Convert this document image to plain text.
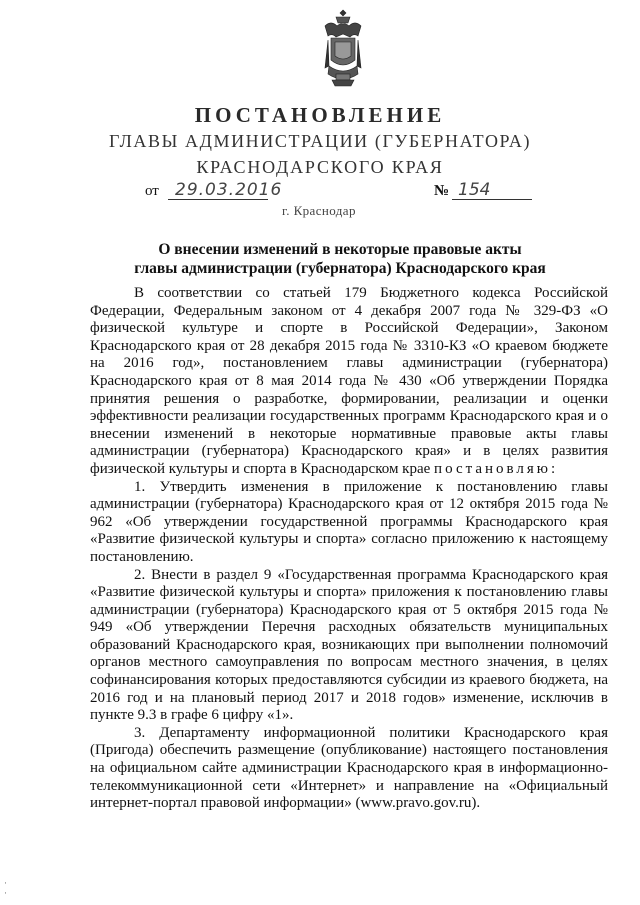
ПОСТАНОВЛЕНИЕ
ГЛАВЫ АДМИНИСТРАЦИИ (ГУБЕРНАТОРА)
КРАСНОДАРСКОГО КРАЯ
от 29.03.2016	№ 154
г. Краснодар
О внесении изменений в некоторые правовые акты
главы администрации (губернатора) Краснодарского края

В соответствии со статьей 179 Бюджетного кодекса Российской Федерации, Федеральным законом от 4 декабря 2007 года № 329-ФЗ «О физической культуре и спорте в Российской Федерации», Законом Краснодарского края от 28 декабря 2015 года № 3310-КЗ «О краевом бюджете на 2016 год», постановлением главы администрации (губернатора) Краснодарского края от 8 мая 2014 года № 430 «Об утверждении Порядка принятия решения о разработке, формировании, реализации и оценки эффективности реализации государственных программ Краснодарского края и о внесении изменений в некоторые нормативные правовые акты главы администрации (губернатора) Краснодарского края» и в целях развития физической культуры и спорта в Краснодарском крае постановляю:

1. Утвердить изменения в приложение к постановлению главы администрации (губернатора) Краснодарского края от 12 октября 2015 года № 962 «Об утверждении государственной программы Краснодарского края «Развитие физической культуры и спорта» согласно приложению к настоящему постановлению.

2. Внести в раздел 9 «Государственная программа Краснодарского края «Развитие физической культуры и спорта» приложения к постановлению главы администрации (губернатора) Краснодарского края от 5 октября 2015 года № 949 «Об утверждении Перечня расходных обязательств муниципальных образований Краснодарского края, возникающих при выполнении полномочий органов местного самоуправления по вопросам местного значения, в целях софинансирования которых предоставляются субсидии из краевого бюджета, на 2016 год и на плановый период 2017 и 2018 годов» изменение, исключив в пункте 9.3 в графе 6 цифру «1».

3. Департаменту информационной политики Краснодарского края (Пригода) обеспечить размещение (опубликование) настоящего постановления на официальном сайте администрации Краснодарского края в информационно-телекоммуникационной сети «Интернет» и направление на «Официальный интернет-портал правовой информации» (www.pravo.gov.ru).

·
·
